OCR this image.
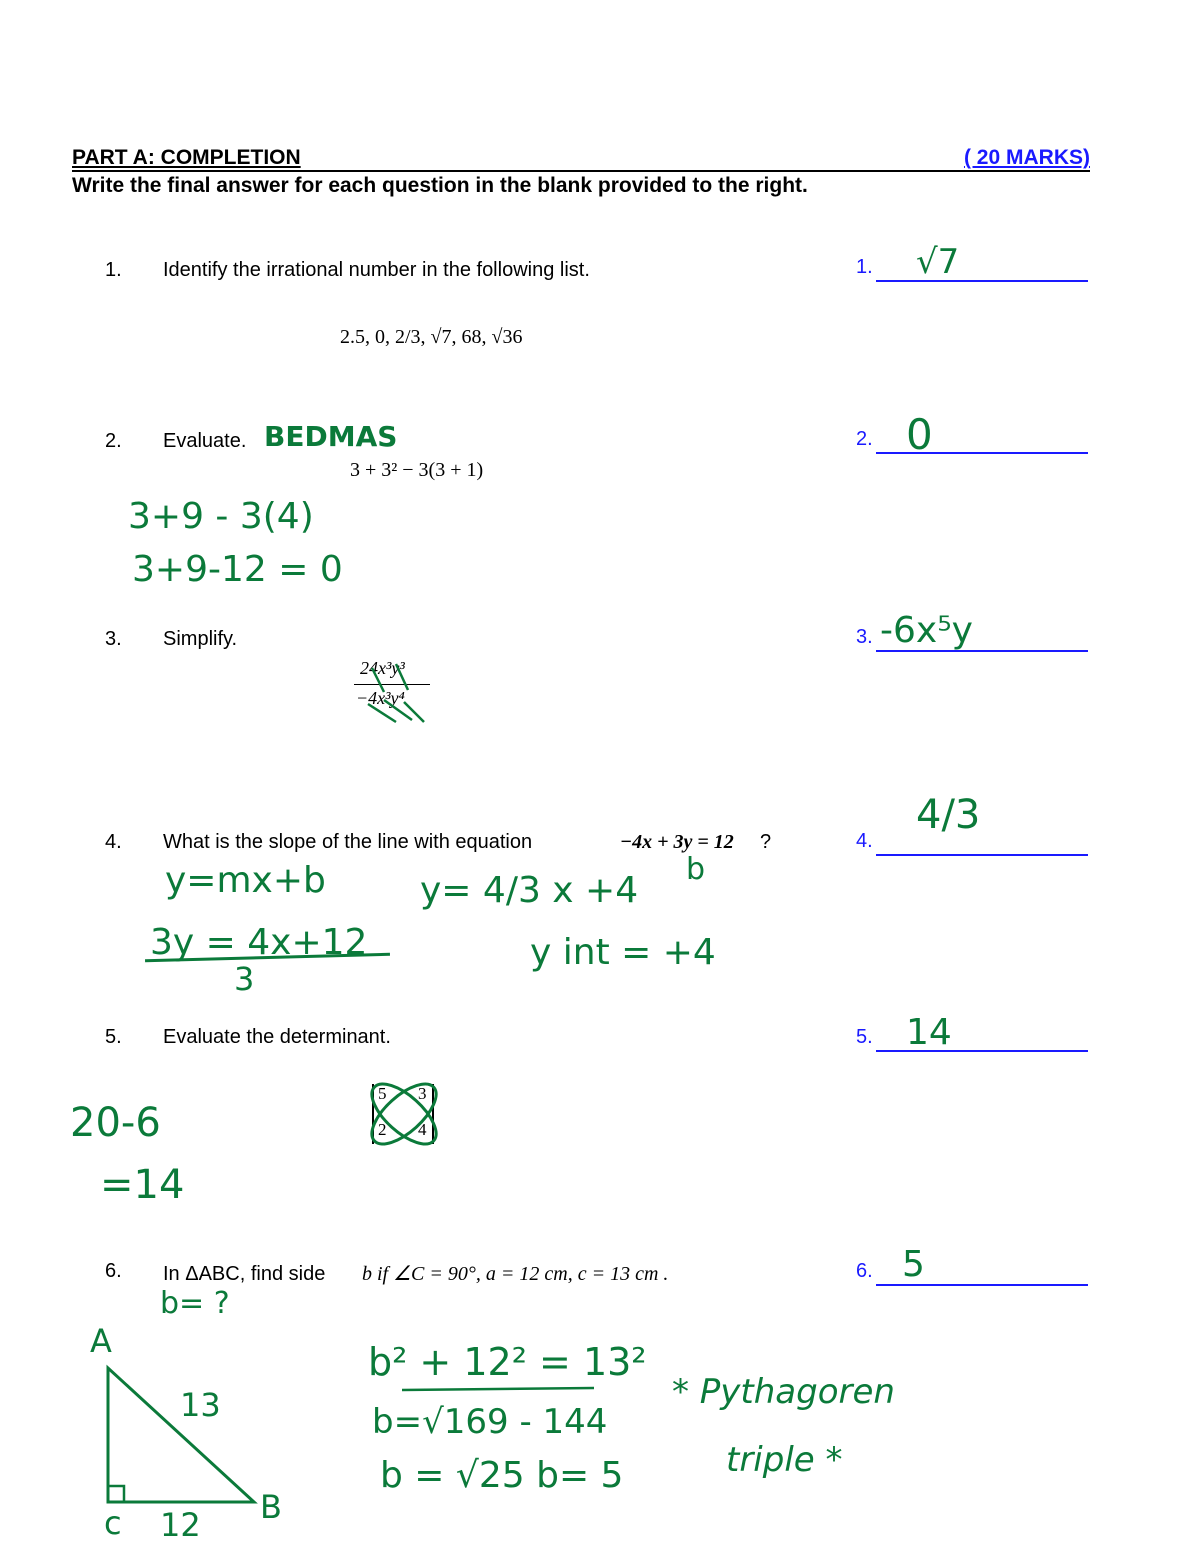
PART A: COMPLETION	( 20 MARKS)
Write the final answer for each question in the blank provided to the right.
1. Identify the irrational number in the following list.
2.5, 0, 2/3, √7, 68, √36
1. √7
2. Evaluate. BEDMAS
3 + 3² − 3(3 + 1)
2. 0
3+9 - 3(4)
3+9-12 = 0
3. Simplify.
24x³y³
−4x³y⁴
3. -6x⁵y
4. What is the slope of the line with equation	−4x + 3y = 12 ?	4.
4/3
y=mx+b
3y = 4x+12
3
y= 4/3 x +4
b
y int = +4
5. Evaluate the determinant.	5. 14
5 3
2 4
20-6
=14
6. In ΔABC, find side b if ∠C = 90°, a = 12 cm, c = 13 cm .	6. 5
b= ?
b² + 12² = 13²
b=√169 - 144
b = √25 b= 5
* Pythagoren
triple *
A
B
c
13
12
